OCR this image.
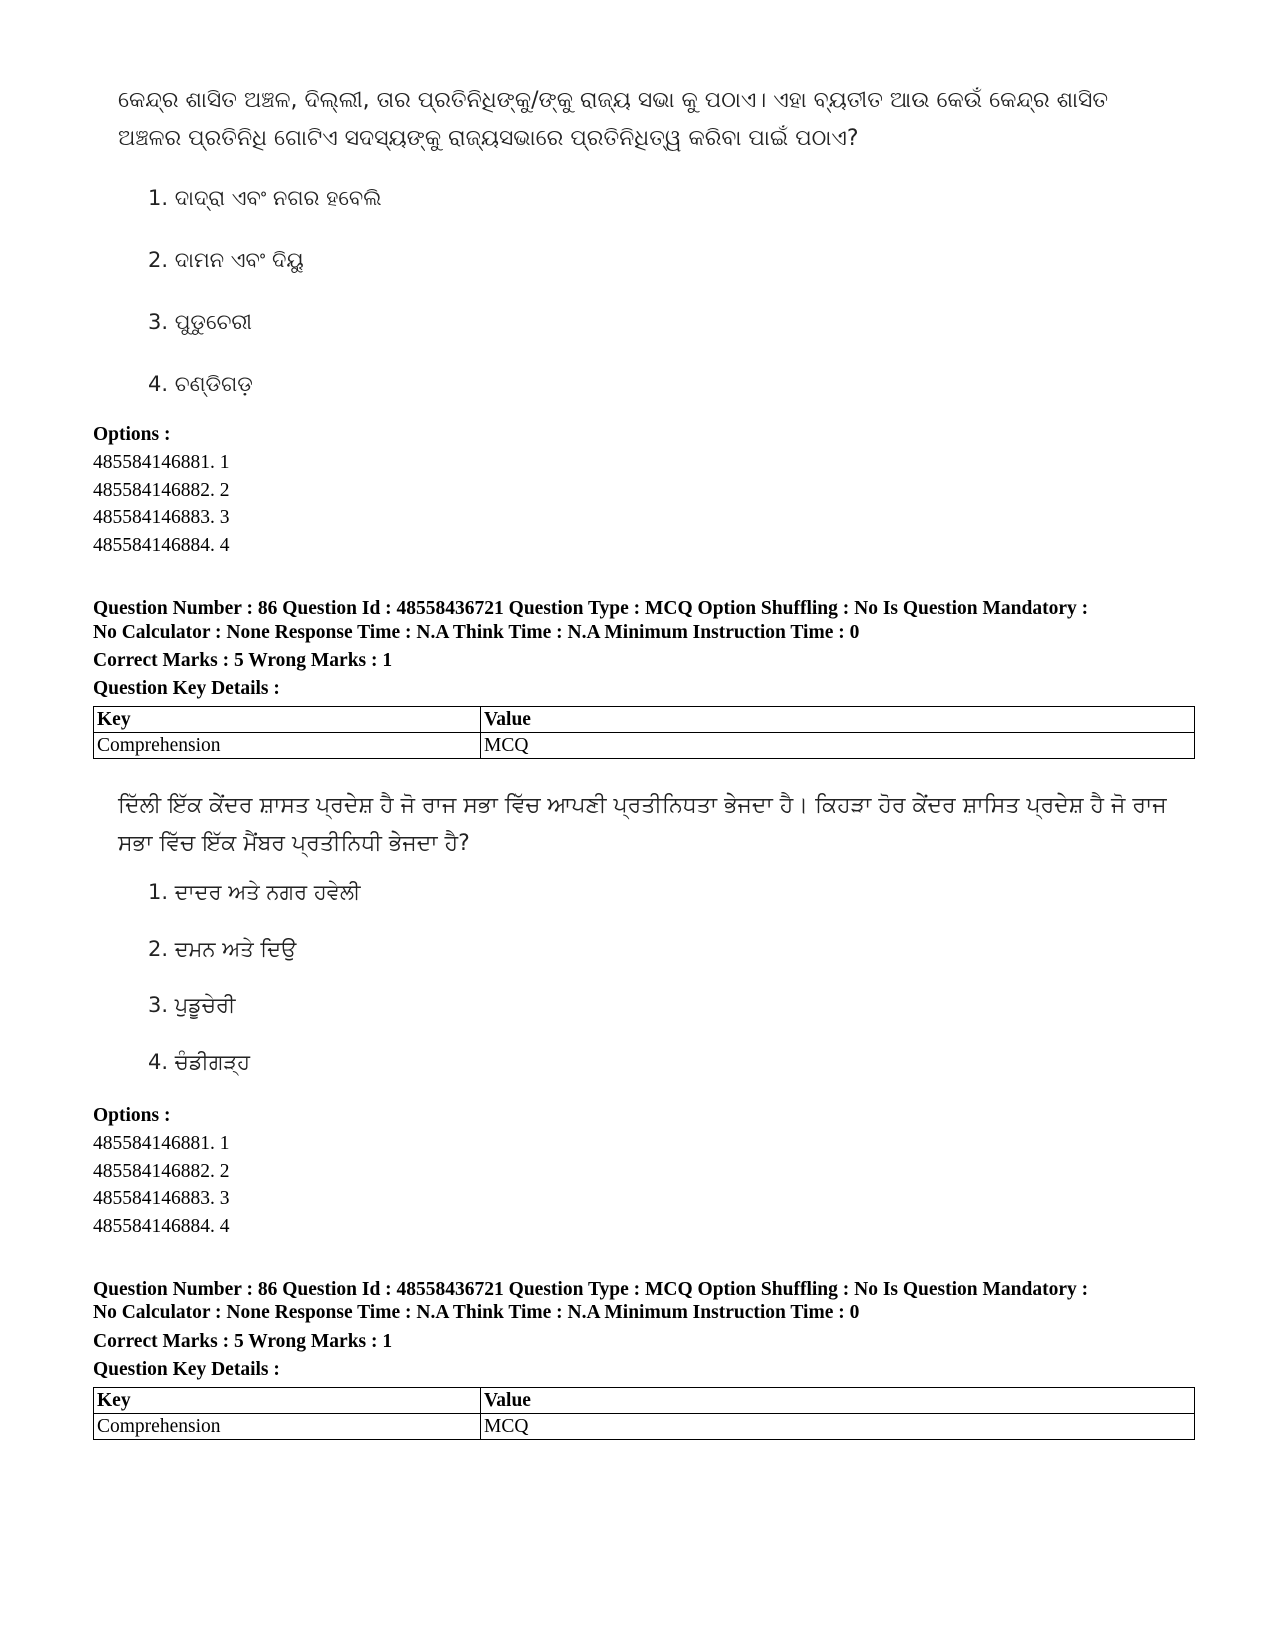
କେନ୍ଦ୍ର ଶାସିତ ଅଞ୍ଚଳ, ଦିଲ୍ଲୀ, ତାର ପ୍ରତିନିଧିଙ୍କୁ/ଙ୍କୁ ରାଜ୍ୟ ସଭା କୁ ପଠାଏ। ଏହା ବ୍ୟତୀତ ଆଉ କେଉଁ କେନ୍ଦ୍ର ଶାସିତ ଅଞ୍ଚଳର ପ୍ରତିନିଧି ଗୋଟିଏ ସଦସ୍ୟଙ୍କୁ ରାଜ୍ୟସଭାରେ ପ୍ରତିନିଧିତ୍ୱ କରିବା ପାଇଁ ପଠାଏ?
1. ଦାଦ୍ରା ଏବଂ ନଗର ହବେଲି
2. ଦାମନ ଏବଂ ଦିୟୁ
3. ପୁଡୁଚେରୀ
4. ଚଣ୍ଡିଗଡ଼
Options :
485584146881. 1
485584146882. 2
485584146883. 3
485584146884. 4
Question Number : 86 Question Id : 48558436721 Question Type : MCQ Option Shuffling : No Is Question Mandatory :
No Calculator : None Response Time : N.A Think Time : N.A Minimum Instruction Time : 0
Correct Marks : 5 Wrong Marks : 1
Question Key Details :
Key	Value
Comprehension	MCQ
ਦਿੱਲੀ ਇੱਕ ਕੇਂਦਰ ਸ਼ਾਸਤ ਪ੍ਰਦੇਸ਼ ਹੈ ਜੋ ਰਾਜ ਸਭਾ ਵਿੱਚ ਆਪਣੀ ਪ੍ਰਤੀਨਿਧਤਾ ਭੇਜਦਾ ਹੈ। ਕਿਹੜਾ ਹੋਰ ਕੇਂਦਰ ਸ਼ਾਸਿਤ ਪ੍ਰਦੇਸ਼ ਹੈ ਜੋ ਰਾਜ ਸਭਾ ਵਿੱਚ ਇੱਕ ਮੈਂਬਰ ਪ੍ਰਤੀਨਿਧੀ ਭੇਜਦਾ ਹੈ?
1. ਦਾਦਰ ਅਤੇ ਨਗਰ ਹਵੇਲੀ
2. ਦਮਨ ਅਤੇ ਦਿਉ
3. ਪੁਡੂਚੇਰੀ
4. ਚੰਡੀਗੜ੍ਹ
Options :
485584146881. 1
485584146882. 2
485584146883. 3
485584146884. 4
Question Number : 86 Question Id : 48558436721 Question Type : MCQ Option Shuffling : No Is Question Mandatory :
No Calculator : None Response Time : N.A Think Time : N.A Minimum Instruction Time : 0
Correct Marks : 5 Wrong Marks : 1
Question Key Details :
Key	Value
Comprehension	MCQ
